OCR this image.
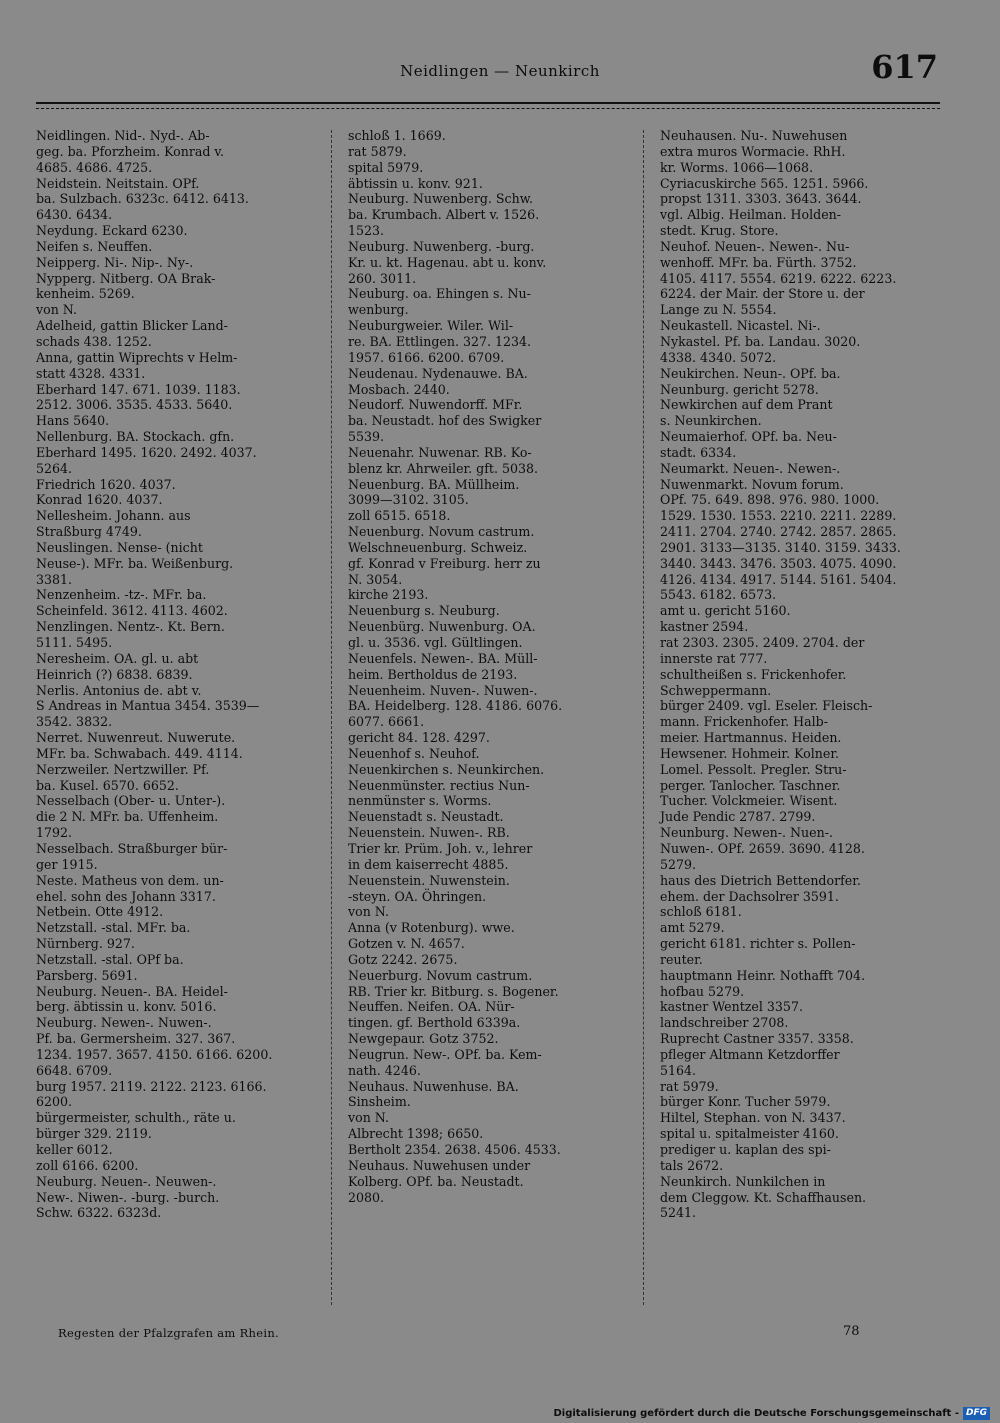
Neidlingen — Neunkirch	617
Neidlingen. Nid-. Nyd-. Ab-
geg. ba. Pforzheim. Konrad v.
4685. 4686. 4725.
Neidstein. Neitstain. OPf.
ba. Sulzbach. 6323c. 6412. 6413.
6430. 6434.
Neydung. Eckard 6230.
Neifen s. Neuffen.
Neipperg. Ni-. Nip-. Ny-.
Nypperg. Nitberg. OA Brak-
kenheim. 5269.
von N.
Adelheid, gattin Blicker Land-
schads 438. 1252.
Anna, gattin Wiprechts v Helm-
statt 4328. 4331.
Eberhard 147. 671. 1039. 1183.
2512. 3006. 3535. 4533. 5640.
Hans 5640.
Nellenburg. BA. Stockach. gfn.
Eberhard 1495. 1620. 2492. 4037.
5264.
Friedrich 1620. 4037.
Konrad 1620. 4037.
Nellesheim. Johann. aus
Straßburg 4749.
Neuslingen. Nense- (nicht
Neuse-). MFr. ba. Weißenburg.
3381.
Nenzenheim. -tz-. MFr. ba.
Scheinfeld. 3612. 4113. 4602.
Nenzlingen. Nentz-. Kt. Bern.
5111. 5495.
Neresheim. OA. gl. u. abt
Heinrich (?) 6838. 6839.
Nerlis. Antonius de. abt v.
S Andreas in Mantua 3454. 3539—
3542. 3832.
Nerret. Nuwenreut. Nuwerute.
MFr. ba. Schwabach. 449. 4114.
Nerzweiler. Nertzwiller. Pf.
ba. Kusel. 6570. 6652.
Nesselbach (Ober- u. Unter-).
die 2 N. MFr. ba. Uffenheim.
1792.
Nesselbach. Straßburger bür-
ger 1915.
Neste. Matheus von dem. un-
ehel. sohn des Johann 3317.
Netbein. Otte 4912.
Netzstall. -stal. MFr. ba.
Nürnberg. 927.
Netzstall. -stal. OPf ba.
Parsberg. 5691.
Neuburg. Neuen-. BA. Heidel-
berg. äbtissin u. konv. 5016.
Neuburg. Newen-. Nuwen-.
Pf. ba. Germersheim. 327. 367.
1234. 1957. 3657. 4150. 6166. 6200.
6648. 6709.
burg 1957. 2119. 2122. 2123. 6166.
6200.
bürgermeister, schulth., räte u.
bürger 329. 2119.
keller 6012.
zoll 6166. 6200.
Neuburg. Neuen-. Neuwen-.
New-. Niwen-. -burg. -burch.
Schw. 6322. 6323d.
schloß 1. 1669.
rat 5879.
spital 5979.
äbtissin u. konv. 921.
Neuburg. Nuwenberg. Schw.
ba. Krumbach. Albert v. 1526.
1523.
Neuburg. Nuwenberg. -burg.
Kr. u. kt. Hagenau. abt u. konv.
260. 3011.
Neuburg. oa. Ehingen s. Nu-
wenburg.
Neuburgweier. Wiler. Wil-
re. BA. Ettlingen. 327. 1234.
1957. 6166. 6200. 6709.
Neudenau. Nydenauwe. BA.
Mosbach. 2440.
Neudorf. Nuwendorff. MFr.
ba. Neustadt. hof des Swigker
5539.
Neuenahr. Nuwenar. RB. Ko-
blenz kr. Ahrweiler. gft. 5038.
Neuenburg. BA. Müllheim.
3099—3102. 3105.
zoll 6515. 6518.
Neuenburg. Novum castrum.
Welschneuenburg. Schweiz.
gf. Konrad v Freiburg. herr zu
N. 3054.
kirche 2193.
Neuenburg s. Neuburg.
Neuenbürg. Nuwenburg. OA.
gl. u. 3536. vgl. Gültlingen.
Neuenfels. Newen-. BA. Müll-
heim. Bertholdus de 2193.
Neuenheim. Nuven-. Nuwen-.
BA. Heidelberg. 128. 4186. 6076.
6077. 6661.
gericht 84. 128. 4297.
Neuenhof s. Neuhof.
Neuenkirchen s. Neunkirchen.
Neuenmünster. rectius Nun-
nenmünster s. Worms.
Neuenstadt s. Neustadt.
Neuenstein. Nuwen-. RB.
Trier kr. Prüm. Joh. v., lehrer
in dem kaiserrecht 4885.
Neuenstein. Nuwenstein.
-steyn. OA. Öhringen.
von N.
Anna (v Rotenburg). wwe.
Gotzen v. N. 4657.
Gotz 2242. 2675.
Neuerburg. Novum castrum.
RB. Trier kr. Bitburg. s. Bogener.
Neuffen. Neifen. OA. Nür-
tingen. gf. Berthold 6339a.
Newgepaur. Gotz 3752.
Neugrun. New-. OPf. ba. Kem-
nath. 4246.
Neuhaus. Nuwenhuse. BA.
Sinsheim.
von N.
Albrecht 1398; 6650.
Bertholt 2354. 2638. 4506. 4533.
Neuhaus. Nuwehusen under
Kolberg. OPf. ba. Neustadt.
2080.
Neuhausen. Nu-. Nuwehusen
extra muros Wormacie. RhH.
kr. Worms. 1066—1068.
Cyriacuskirche 565. 1251. 5966.
propst 1311. 3303. 3643. 3644.
vgl. Albig. Heilman. Holden-
stedt. Krug. Store.
Neuhof. Neuen-. Newen-. Nu-
wenhoff. MFr. ba. Fürth. 3752.
4105. 4117. 5554. 6219. 6222. 6223.
6224. der Mair. der Store u. der
Lange zu N. 5554.
Neukastell. Nicastel. Ni-.
Nykastel. Pf. ba. Landau. 3020.
4338. 4340. 5072.
Neukirchen. Neun-. OPf. ba.
Neunburg. gericht 5278.
Newkirchen auf dem Prant
s. Neunkirchen.
Neumaierhof. OPf. ba. Neu-
stadt. 6334.
Neumarkt. Neuen-. Newen-.
Nuwenmarkt. Novum forum.
OPf. 75. 649. 898. 976. 980. 1000.
1529. 1530. 1553. 2210. 2211. 2289.
2411. 2704. 2740. 2742. 2857. 2865.
2901. 3133—3135. 3140. 3159. 3433.
3440. 3443. 3476. 3503. 4075. 4090.
4126. 4134. 4917. 5144. 5161. 5404.
5543. 6182. 6573.
amt u. gericht 5160.
kastner 2594.
rat 2303. 2305. 2409. 2704. der
innerste rat 777.
schultheißen s. Frickenhofer.
Schweppermann.
bürger 2409. vgl. Eseler. Fleisch-
mann. Frickenhofer. Halb-
meier. Hartmannus. Heiden.
Hewsener. Hohmeir. Kolner.
Lomel. Pessolt. Pregler. Stru-
perger. Tanlocher. Taschner.
Tucher. Volckmeier. Wisent.
Jude Pendic 2787. 2799.
Neunburg. Newen-. Nuen-.
Nuwen-. OPf. 2659. 3690. 4128.
5279.
haus des Dietrich Bettendorfer.
ehem. der Dachsolrer 3591.
schloß 6181.
amt 5279.
gericht 6181. richter s. Pollen-
reuter.
hauptmann Heinr. Nothafft 704.
hofbau 5279.
kastner Wentzel 3357.
landschreiber 2708.
Ruprecht Castner 3357. 3358.
pfleger Altmann Ketzdorffer
5164.
rat 5979.
bürger Konr. Tucher 5979.
Hiltel, Stephan. von N. 3437.
spital u. spitalmeister 4160.
prediger u. kaplan des spi-
tals 2672.
Neunkirch. Nunkilchen in
dem Cleggow. Kt. Schaffhausen.
5241.
Regesten der Pfalzgrafen am Rhein.	78
Digitalisierung gefördert durch die Deutsche Forschungsgemeinschaft - DFG
